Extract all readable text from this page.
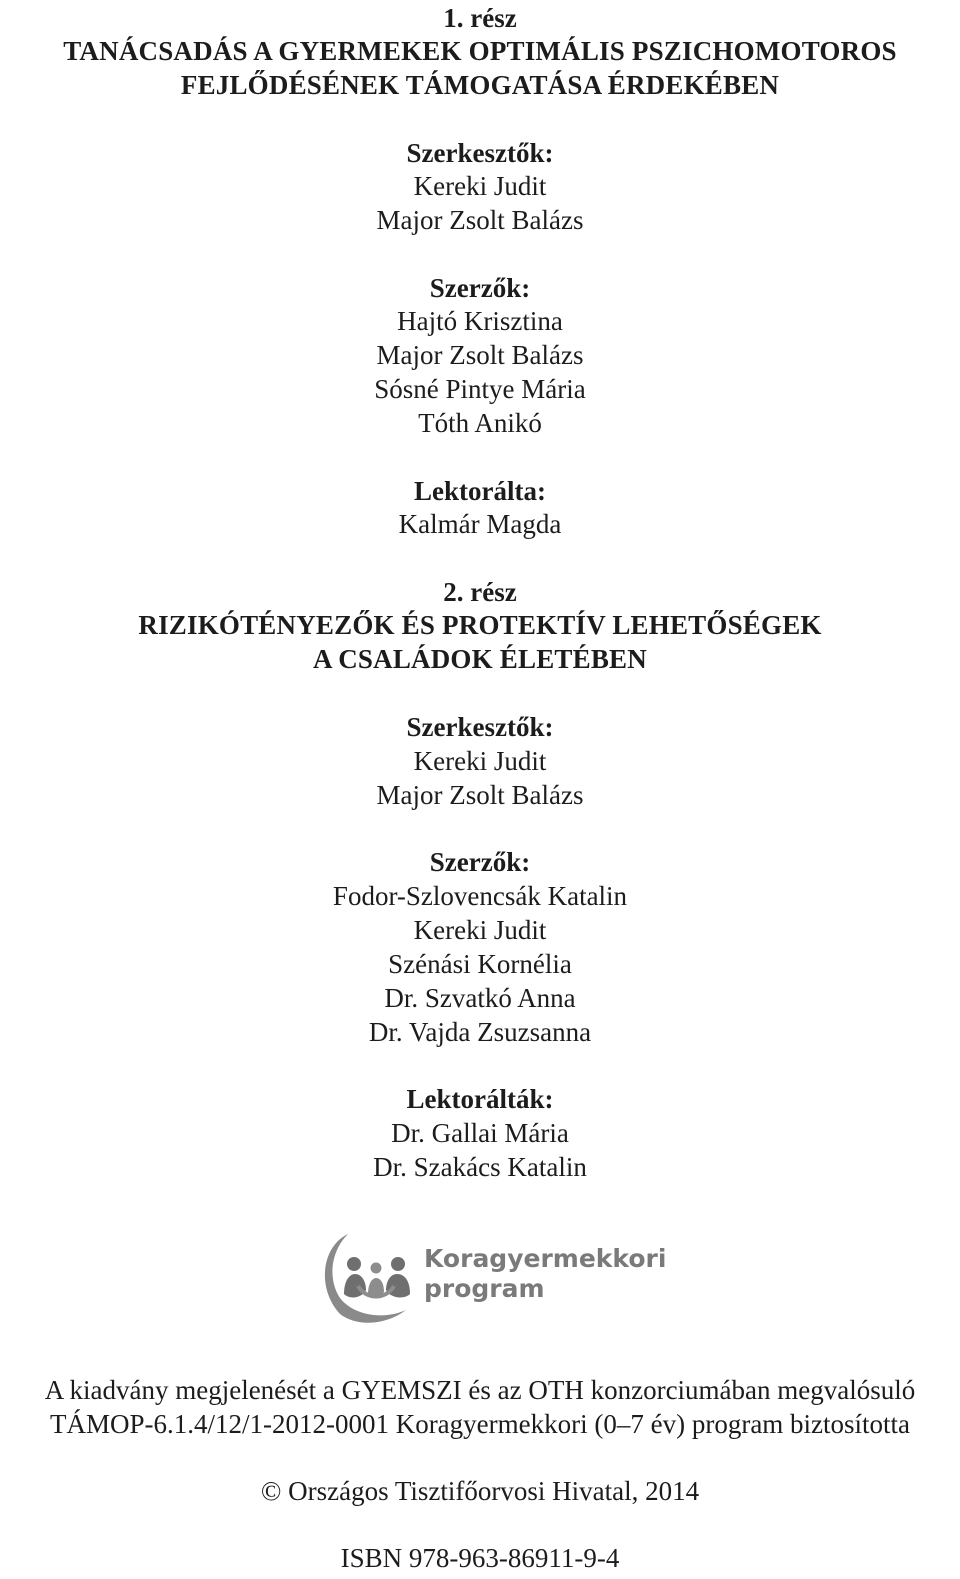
1. rész
TANÁCSADÁS A GYERMEKEK OPTIMÁLIS PSZICHOMOTOROS
FEJLŐDÉSÉNEK TÁMOGATÁSA ÉRDEKÉBEN
Szerkesztők:
Kereki Judit
Major Zsolt Balázs
Szerzők:
Hajtó Krisztina
Major Zsolt Balázs
Sósné Pintye Mária
Tóth Anikó
Lektorálta:
Kalmár Magda
2. rész
RIZIKÓTÉNYEZŐK ÉS PROTEKTÍV LEHETŐSÉGEK
A CSALÁDOK ÉLETÉBEN
Szerkesztők:
Kereki Judit
Major Zsolt Balázs
Szerzők:
Fodor-Szlovencsák Katalin
Kereki Judit
Szénási Kornélia
Dr. Szvatkó Anna
Dr. Vajda Zsuzsanna
Lektorálták:
Dr. Gallai Mária
Dr. Szakács Katalin
Koragyermekkori
program
A kiadvány megjelenését a GYEMSZI és az OTH konzorciumában megvalósuló
TÁMOP-6.1.4/12/1-2012-0001 Koragyermekkori (0–7 év) program biztosította
© Országos Tisztifőorvosi Hivatal, 2014
ISBN 978-963-86911-9-4
